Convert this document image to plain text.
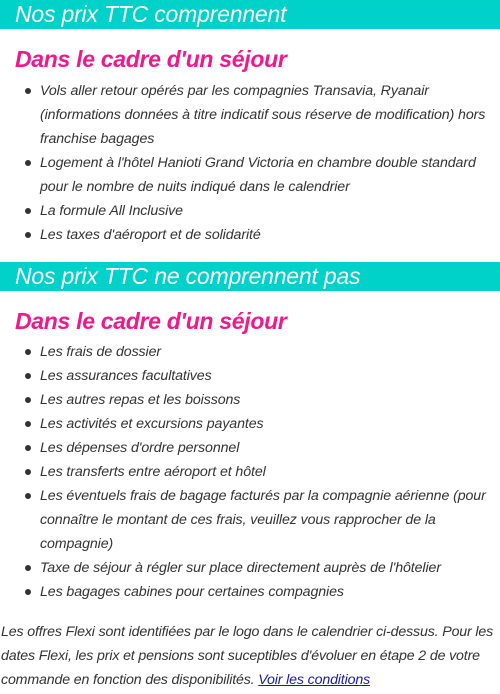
Nos prix TTC comprennent
Dans le cadre d'un séjour
Vols aller retour opérés par les compagnies Transavia, Ryanair (informations données à titre indicatif sous réserve de modification) hors franchise bagages
Logement à l'hôtel Hanioti Grand Victoria en chambre double standard pour le nombre de nuits indiqué dans le calendrier
La formule All Inclusive
Les taxes d'aéroport et de solidarité
Nos prix TTC ne comprennent pas
Dans le cadre d'un séjour
Les frais de dossier
Les assurances facultatives
Les autres repas et les boissons
Les activités et excursions payantes
Les dépenses d'ordre personnel
Les transferts entre aéroport et hôtel
Les éventuels frais de bagage facturés par la compagnie aérienne (pour connaître le montant de ces frais, veuillez vous rapprocher de la compagnie)
Taxe de séjour à régler sur place directement auprès de l'hôtelier
Les bagages cabines pour certaines compagnies

Les offres Flexi sont identifiées par le logo dans le calendrier ci-dessus. Pour les dates Flexi, les prix et pensions sont suceptibles d'évoluer en étape 2 de votre commande en fonction des disponibilités. Voir les conditions
